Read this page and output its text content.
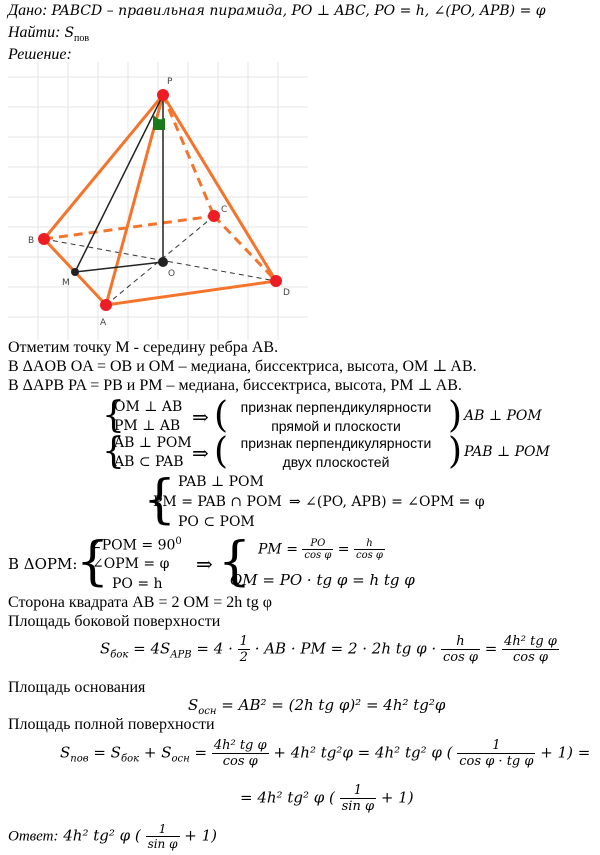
Дано: PABCD – правильная пирамида, PO ⊥ ABC, PO = h, ∠(PO, APB) = φ
Найти: $S_{пов}$
Решение:
P
B
C
D
A
O
M
Отметим точку M - середину ребра AB.
В ΔAOB OA = OB и OM – медиана, биссектриса, высота, OM ⊥ AB.
В ΔAPB PA = PB и PM – медиана, биссектриса, высота, PM ⊥ AB.
{
OM ⊥ AB
PM ⊥ AB ⇒ ( признак перпендикулярности
прямой и плоскости	) AB ⊥ POM
{
AB ⊥ POM
AB ⊂ PAB ⇒ ( признак перпендикулярности
двух плоскостей	) PAB ⊥ POM
{ PAB ⊥ POM
PM = PAB ∩ POM
PO ⊂ POM
⇒ ∠(PO, APB) = ∠OPM = φ
В ΔOPM:
{
∠POM = $90^0$
∠OPM = φ
PO = h
⇒ { PM = $\frac{PO}{\text{cos φ}} = \frac{h}{\text{cos φ}}$
OM = PO · tg φ = h tg φ
Сторона квадрата AB = 2 OM = 2h tg φ
Площадь боковой поверхности
$S_{бок} = 4S_{APB} = 4 \cdot \frac{1}{2}$ · AB · PM = 2 · 2h tg $\varphi \cdot \frac{h}{\text{cos φ}} = \frac{\text{4h² tg φ}}{\text{cos φ}}$
Площадь основания
$S_{осн} = AB^2 = (2h$ tg φ)² = 4h² tg²φ
Площадь полной поверхности
$S_{пов} = S_{бок} + S_{осн} = \frac{\text{4h² tg φ}}{\text{cos φ}} + 4h^2$ tg²φ = 4h² tg² φ ( $\frac{1}{\text{cos φ · tg φ}} + 1$) =
= 4h² tg² φ ( $\frac{1}{\text{sin φ}} + 1$)
Ответ: 4h² tg² φ ( $\frac{1}{\text{sin φ}} + 1$)
